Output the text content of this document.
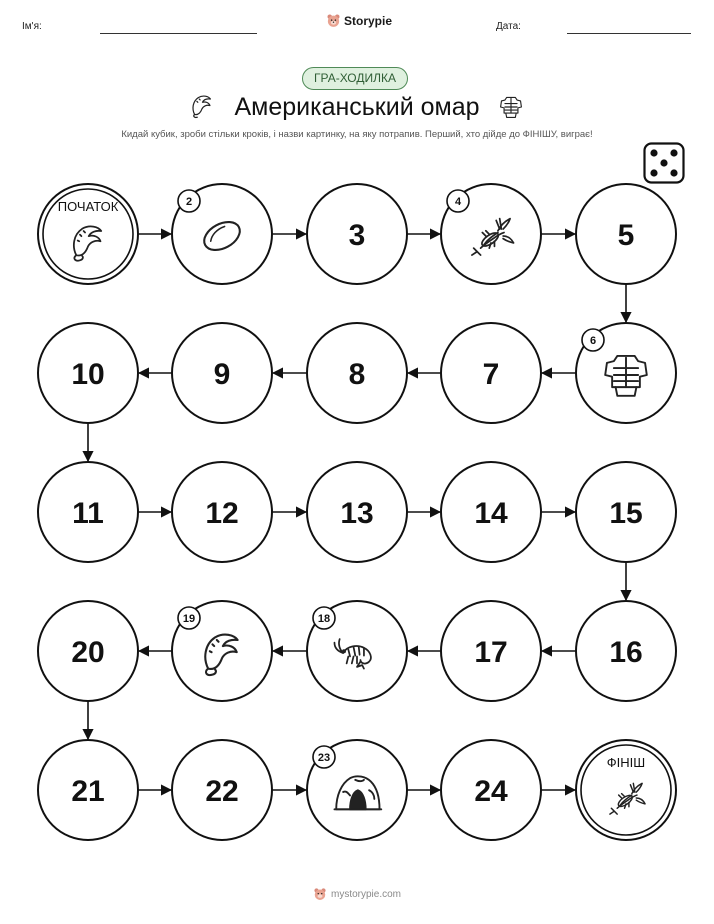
Ім'я:	Storypie	Дата:
ГРА-ХОДИЛКА
Американський омар
Кидай кубик, зроби стільки кроків, і назви картинку, на яку потрапив. Перший, хто дійде до ФІНІШУ, виграє!
ПОЧАТОК	2
3
4
5
6
7
8
9
10
11	12	13	14	15
16
17
18
19
20
21	22
23
24
ФІНІШ
mystorypie.com
